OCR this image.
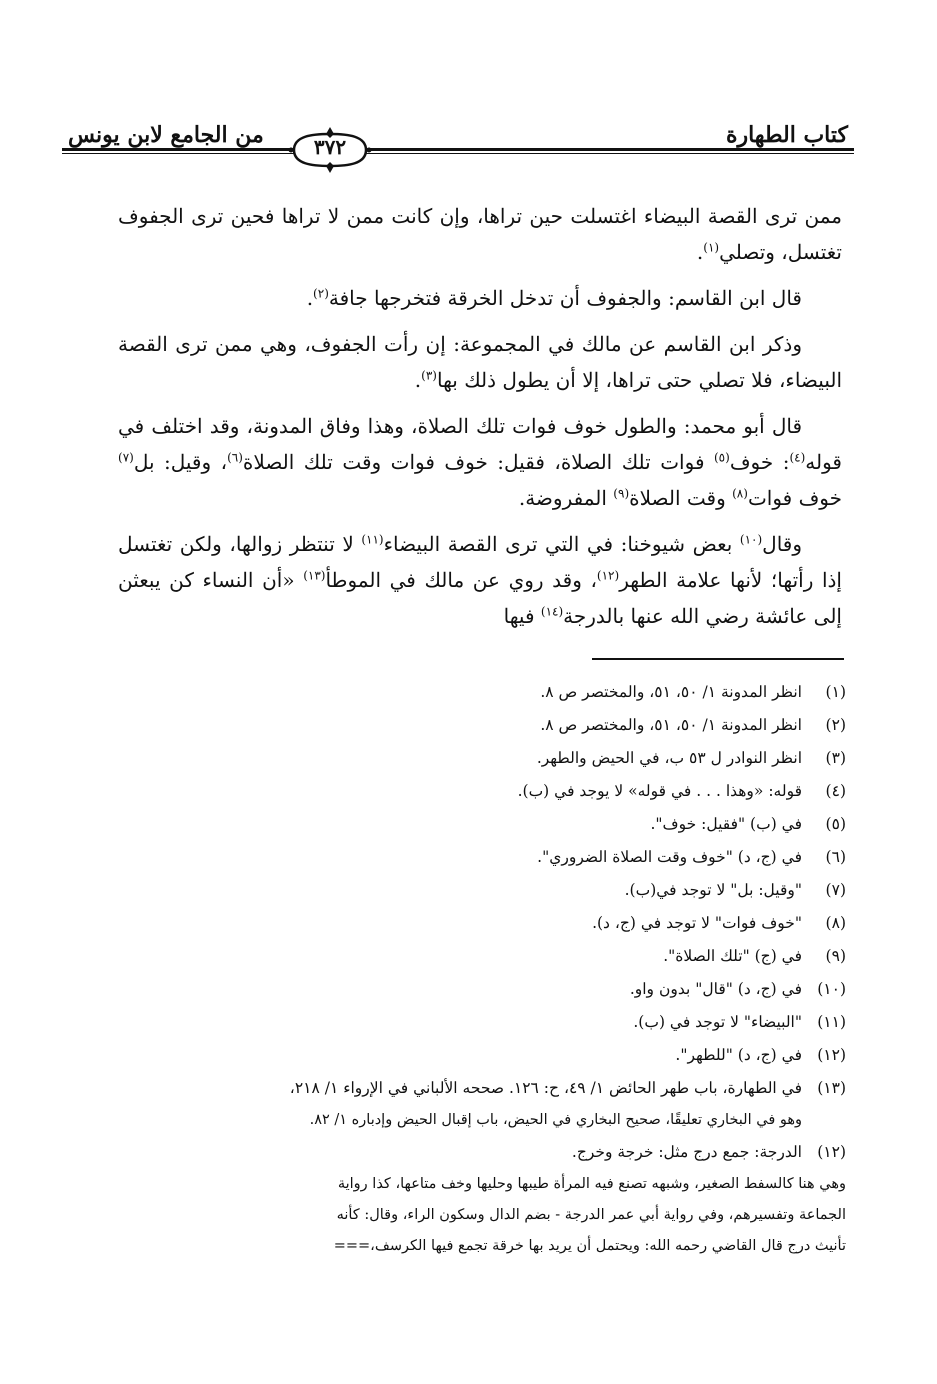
كتاب الطهارة
من الجامع لابن يونس	٣٧٢

ممن ترى القصة البيضاء اغتسلت حين تراها، وإن كانت ممن لا تراها فحين ترى الجفوف تغتسل، وتصلي$^{(١)}$.

قال ابن القاسم: والجفوف أن تدخل الخرقة فتخرجها جافة$^{(٢)}$.

وذكر ابن القاسم عن مالك في المجموعة: إن رأت الجفوف، وهي ممن ترى القصة البيضاء، فلا تصلي حتى تراها، إلا أن يطول ذلك بها$^{(٣)}$.

قال أبو محمد: والطول خوف فوات تلك الصلاة، وهذا وفاق المدونة، وقد اختلف في قوله$^{(٤)}$: خوف$^{(٥)}$ فوات تلك الصلاة، فقيل: خوف فوات وقت تلك الصلاة$^{(٦)}$، وقيل: بل$^{(٧)}$ خوف فوات$^{(٨)}$ وقت الصلاة$^{(٩)}$ المفروضة.

وقال$^{(١٠)}$ بعض شيوخنا: في التي ترى القصة البيضاء$^{(١١)}$ لا تنتظر زوالها، ولكن تغتسل إذا رأتها؛ لأنها علامة الطهر$^{(١٢)}$، وقد روي عن مالك في الموطأ$^{(١٣)}$ «أن النساء كن يبعثن إلى عائشة رضي الله عنها بالدرجة$^{(١٤)}$ فيها

(١)
انظر المدونة ١/ ٥٠، ٥١، والمختصر ص ٨.
(٢)
انظر المدونة ١/ ٥٠، ٥١، والمختصر ص ٨.
(٣)
انظر النوادر ل ٥٣ ب، في الحيض والطهر.
(٤)
قوله: «وهذا . . . في قوله» لا يوجد في (ب).
(٥)
في (ب) "فقيل: خوف".
(٦)
في (ج، د) "خوف وقت الصلاة الضروري".
(٧)
"وقيل: بل" لا توجد في(ب).
(٨)
"خوف فوات" لا توجد في (ج، د).
(٩)
في (ج) "تلك الصلاة".
(١٠)
في (ج، د) "قال" بدون واو.
(١١)
"البيضاء" لا توجد في (ب).
(١٢)
في (ج، د) "للطهر".
(١٣)
في الطهارة، باب طهر الحائض ١/ ٤٩، ح: ١٢٦. صححه الألباني في الإرواء ١/ ٢١٨،
وهو في البخاري تعليقًا، صحيح البخاري في الحيض، باب إقبال الحيض وإدباره ١/ ٨٢.
(١٢)
الدرجة: جمع درج مثل: خرجة وخرج.
وهي هنا كالسفط الصغير، وشبهه تصنع فيه المرأة طيبها وحليها وخف متاعها، كذا رواية
الجماعة وتفسيرهم، وفي رواية أبي عمر الدرجة - بضم الدال وسكون الراء، وقال: كأنه
تأنيث درج قال القاضي رحمه الله: ويحتمل أن يريد بها خرقة تجمع فيها الكرسف،===
